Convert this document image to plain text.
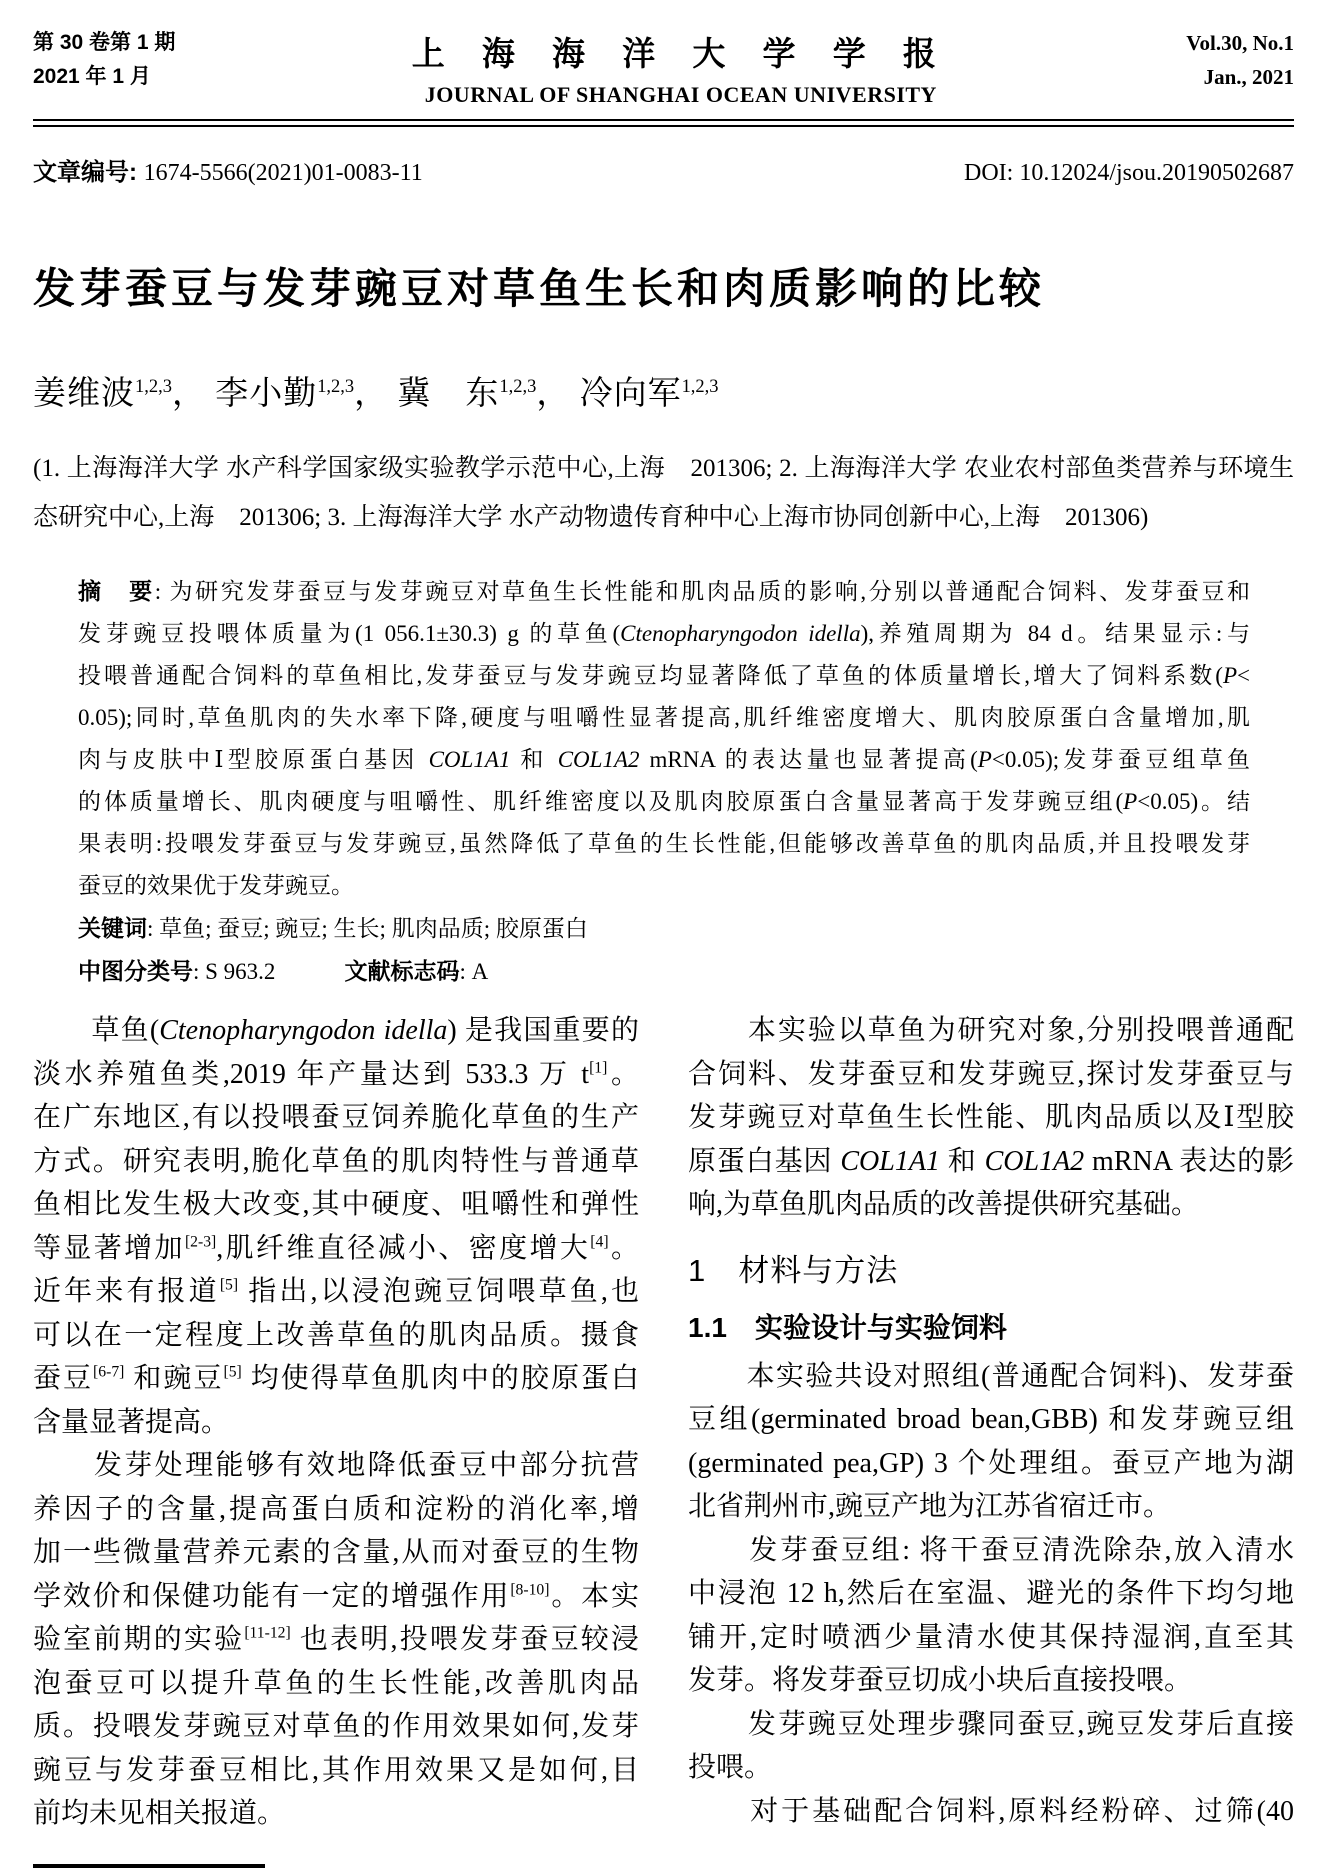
第 30 卷第 1 期
2021 年 1 月
上 海 海 洋 大 学 学 报
JOURNAL OF SHANGHAI OCEAN UNIVERSITY
Vol.30, No.1
Jan., 2021
文章编号: 1674-5566(2021)01-0083-11	DOI: 10.12024/jsou.20190502687
发芽蚕豆与发芽豌豆对草鱼生长和肉质影响的比较
姜维波$^{1,2,3}$， 李小勤$^{1,2,3}$， 冀　东$^{1,2,3}$， 冷向军$^{1,2,3}$
(1. 上海海洋大学 水产科学国家级实验教学示范中心,上海　201306; 2. 上海海洋大学 农业农村部鱼类营养与环境生
态研究中心,上海　201306; 3. 上海海洋大学 水产动物遗传育种中心上海市协同创新中心,上海　201306)
摘　要: 为研究发芽蚕豆与发芽豌豆对草鱼生长性能和肌肉品质的影响,分别以普通配合饲料、发芽蚕豆和
发芽豌豆投喂体质量为(1 056.1±30.3) g 的草鱼(Ctenopharyngodon idella),养殖周期为 84 d。结果显示:与
投喂普通配合饲料的草鱼相比,发芽蚕豆与发芽豌豆均显著降低了草鱼的体质量增长,增大了饲料系数(P<
0.05);同时,草鱼肌肉的失水率下降,硬度与咀嚼性显著提高,肌纤维密度增大、肌肉胶原蛋白含量增加,肌
肉与皮肤中Ⅰ型胶原蛋白基因 COL1A1 和 COL1A2 mRNA 的表达量也显著提高(P<0.05);发芽蚕豆组草鱼
的体质量增长、肌肉硬度与咀嚼性、肌纤维密度以及肌肉胶原蛋白含量显著高于发芽豌豆组(P<0.05)。结
果表明:投喂发芽蚕豆与发芽豌豆,虽然降低了草鱼的生长性能,但能够改善草鱼的肌肉品质,并且投喂发芽
蚕豆的效果优于发芽豌豆。
关键词: 草鱼; 蚕豆; 豌豆; 生长; 肌肉品质; 胶原蛋白
中图分类号: S 963.2　　　文献标志码: A
　　草鱼(Ctenopharyngodon idella) 是我国重要的
淡水养殖鱼类,2019 年产量达到 533.3 万 t[1]。
在广东地区,有以投喂蚕豆饲养脆化草鱼的生产
方式。研究表明,脆化草鱼的肌肉特性与普通草
鱼相比发生极大改变,其中硬度、咀嚼性和弹性
等显著增加[2-3],肌纤维直径减小、密度增大[4]。
近年来有报道[5] 指出,以浸泡豌豆饲喂草鱼,也
可以在一定程度上改善草鱼的肌肉品质。摄食
蚕豆[6-7] 和豌豆[5] 均使得草鱼肌肉中的胶原蛋白
含量显著提高。
　　发芽处理能够有效地降低蚕豆中部分抗营
养因子的含量,提高蛋白质和淀粉的消化率,增
加一些微量营养元素的含量,从而对蚕豆的生物
学效价和保健功能有一定的增强作用[8-10]。本实
验室前期的实验[11-12] 也表明,投喂发芽蚕豆较浸
泡蚕豆可以提升草鱼的生长性能,改善肌肉品
质。投喂发芽豌豆对草鱼的作用效果如何,发芽
豌豆与发芽蚕豆相比,其作用效果又是如何,目
前均未见相关报道。
　　本实验以草鱼为研究对象,分别投喂普通配
合饲料、发芽蚕豆和发芽豌豆,探讨发芽蚕豆与
发芽豌豆对草鱼生长性能、肌肉品质以及Ⅰ型胶
原蛋白基因 COL1A1 和 COL1A2 mRNA 表达的影
响,为草鱼肌肉品质的改善提供研究基础。
1　材料与方法
1.1　实验设计与实验饲料
　　本实验共设对照组(普通配合饲料)、发芽蚕
豆组(germinated broad bean,GBB) 和发芽豌豆组
(germinated pea,GP) 3 个处理组。蚕豆产地为湖
北省荆州市,豌豆产地为江苏省宿迁市。
　　发芽蚕豆组: 将干蚕豆清洗除杂,放入清水
中浸泡 12 h,然后在室温、避光的条件下均匀地
铺开,定时喷洒少量清水使其保持湿润,直至其
发芽。将发芽蚕豆切成小块后直接投喂。
　　发芽豌豆处理步骤同蚕豆,豌豆发芽后直接
投喂。
　　对于基础配合饲料,原料经粉碎、过筛(40
